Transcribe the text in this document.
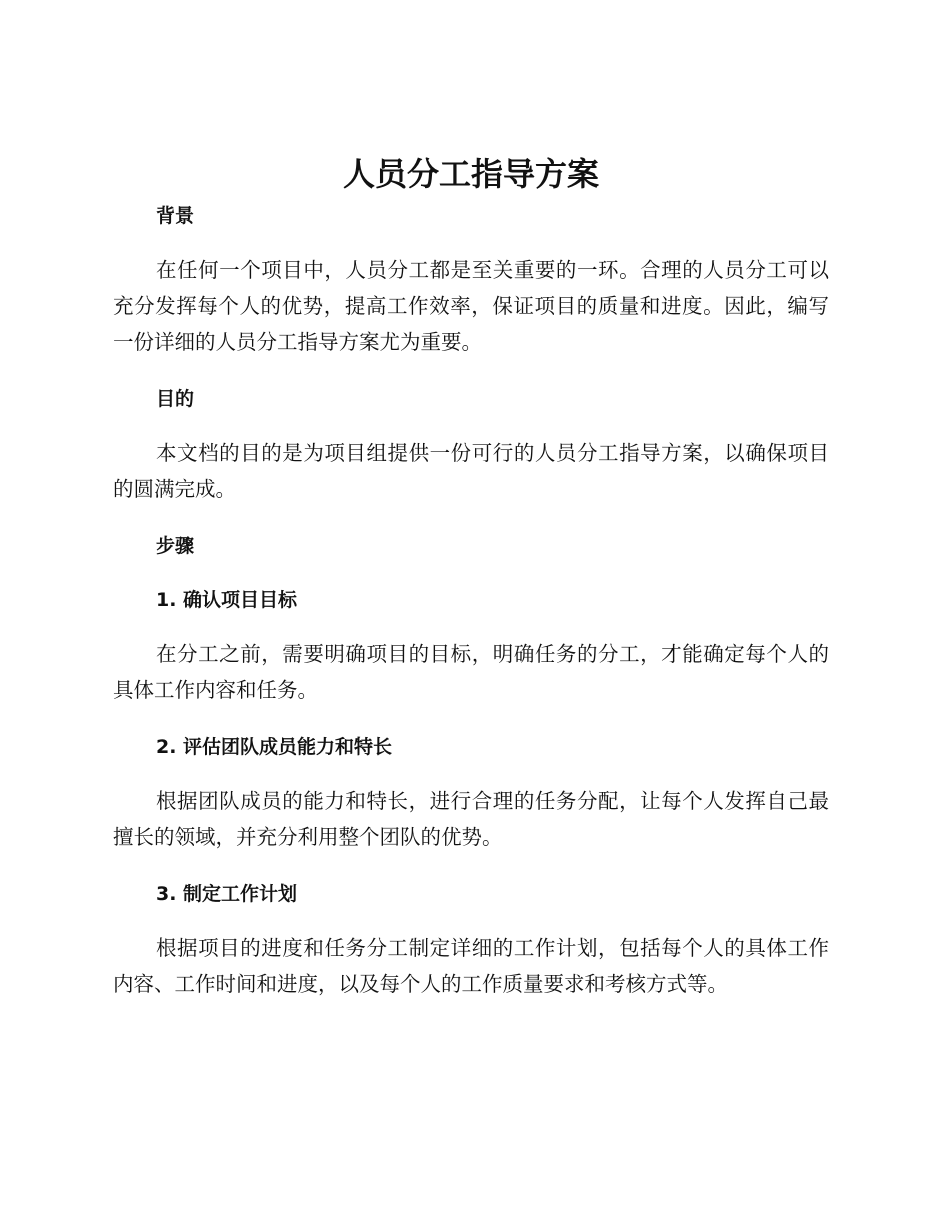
人员分工指导方案
背景

在任何一个项目中，人员分工都是至关重要的一环。合理的人员分工可以充分发挥每个人的优势，提高工作效率，保证项目的质量和进度。因此，编写一份详细的人员分工指导方案尤为重要。

目的

本文档的目的是为项目组提供一份可行的人员分工指导方案，以确保项目的圆满完成。

步骤
1. 确认项目目标

在分工之前，需要明确项目的目标，明确任务的分工，才能确定每个人的具体工作内容和任务。

2. 评估团队成员能力和特长

根据团队成员的能力和特长，进行合理的任务分配，让每个人发挥自己最擅长的领域，并充分利用整个团队的优势。

3. 制定工作计划

根据项目的进度和任务分工制定详细的工作计划，包括每个人的具体工作内容、工作时间和进度，以及每个人的工作质量要求和考核方式等。
